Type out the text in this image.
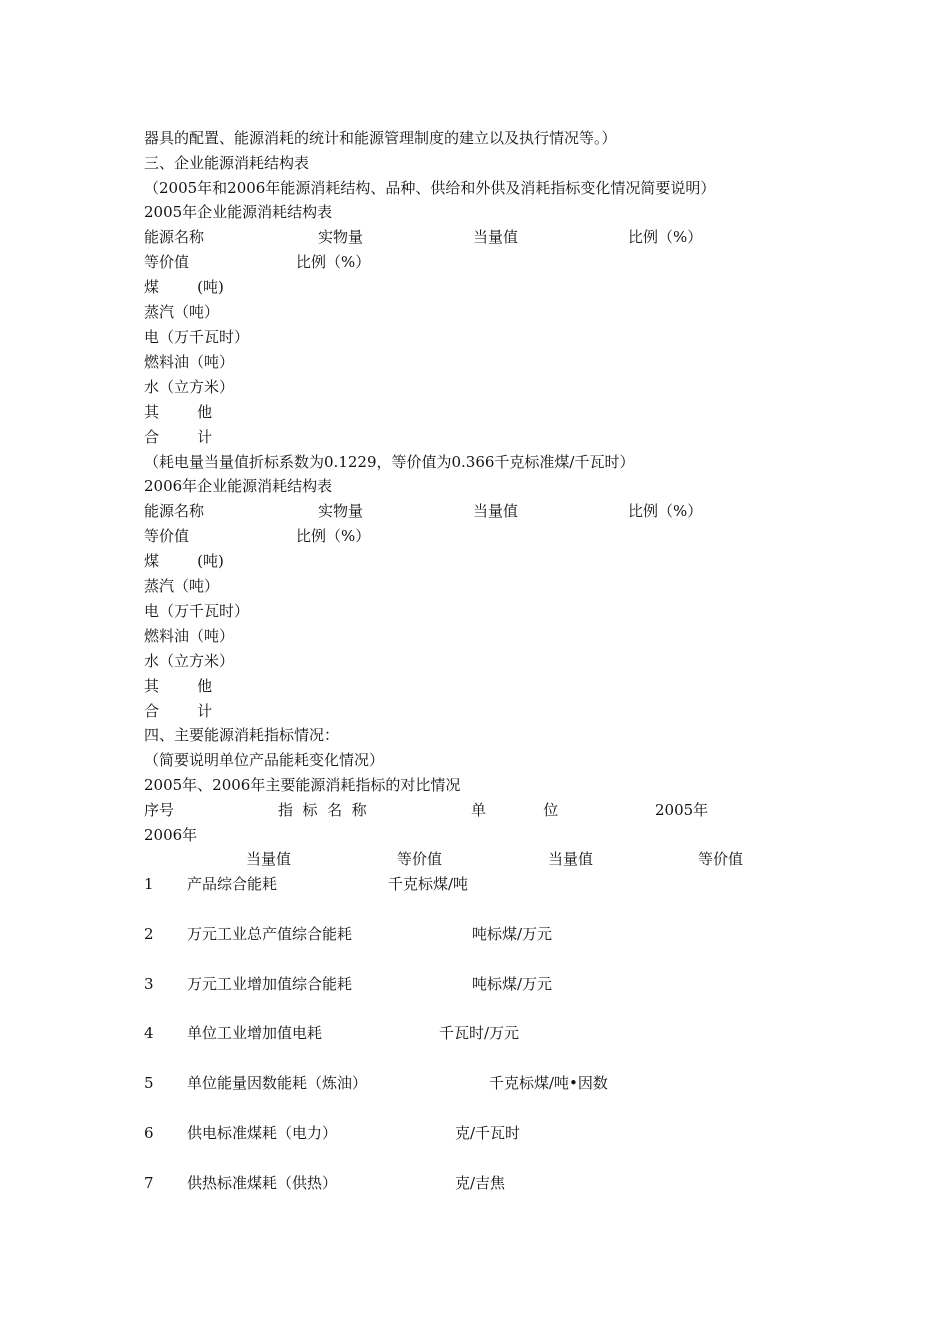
器具的配置、能源消耗的统计和能源管理制度的建立以及执行情况等。）

三、企业能源消耗结构表

（2005年和2006年能源消耗结构、品种、供给和外供及消耗指标变化情况简要说明）

2005年企业能源消耗结构表

能源名称	实物量	当量值	比例（%）
等价值	比例（%）

煤        (吨)

蒸汽（吨）

电（万千瓦时）

燃料油（吨）

水（立方米）

其        他

合        计

（耗电量当量值折标系数为0.1229，等价值为0.366千克标准煤/千瓦时）

2006年企业能源消耗结构表

能源名称	实物量	当量值	比例（%）
等价值	比例（%）

煤        (吨)

蒸汽（吨）

电（万千瓦时）

燃料油（吨）

水（立方米）

其        他

合        计

四、主要能源消耗指标情况：

（简要说明单位产品能耗变化情况）

2005年、2006年主要能源消耗指标的对比情况

序号	指  标  名  称	单            位	2005年
2006年
当量值	等价值	当量值	等价值
1 产品综合能耗	千克标煤/吨
2 万元工业总产值综合能耗	吨标煤/万元
3 万元工业增加值综合能耗	吨标煤/万元
4 单位工业增加值电耗	千瓦时/万元
5 单位能量因数能耗（炼油）	千克标煤/吨•因数
6 供电标准煤耗（电力）	克/千瓦时
7 供热标准煤耗（供热）	克/吉焦
